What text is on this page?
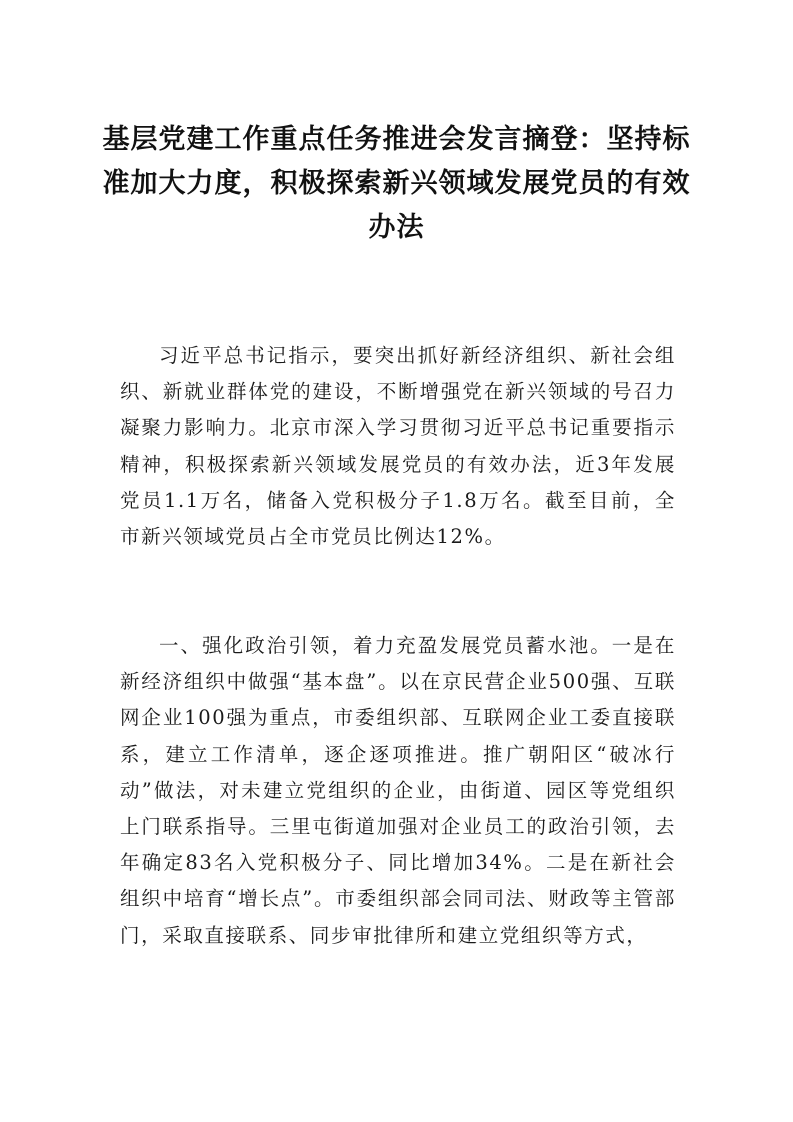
基层党建工作重点任务推进会发言摘登：坚持标准加大力度，积极探索新兴领域发展党员的有效办法

习近平总书记指示，要突出抓好新经济组织、新社会组织、新就业群体党的建设，不断增强党在新兴领域的号召力凝聚力影响力。北京市深入学习贯彻习近平总书记重要指示精神，积极探索新兴领域发展党员的有效办法，近3年发展党员1.1万名，储备入党积极分子1.8万名。截至目前，全市新兴领域党员占全市党员比例达12%。

一、强化政治引领，着力充盈发展党员蓄水池。一是在新经济组织中做强“基本盘”。以在京民营企业500强、互联网企业100强为重点，市委组织部、互联网企业工委直接联系，建立工作清单，逐企逐项推进。推广朝阳区“破冰行动”做法，对未建立党组织的企业，由街道、园区等党组织上门联系指导。三里屯街道加强对企业员工的政治引领，去年确定83名入党积极分子、同比增加34%。二是在新社会组织中培育“增长点”。市委组织部会同司法、财政等主管部门，采取直接联系、同步审批律所和建立党组织等方式，
